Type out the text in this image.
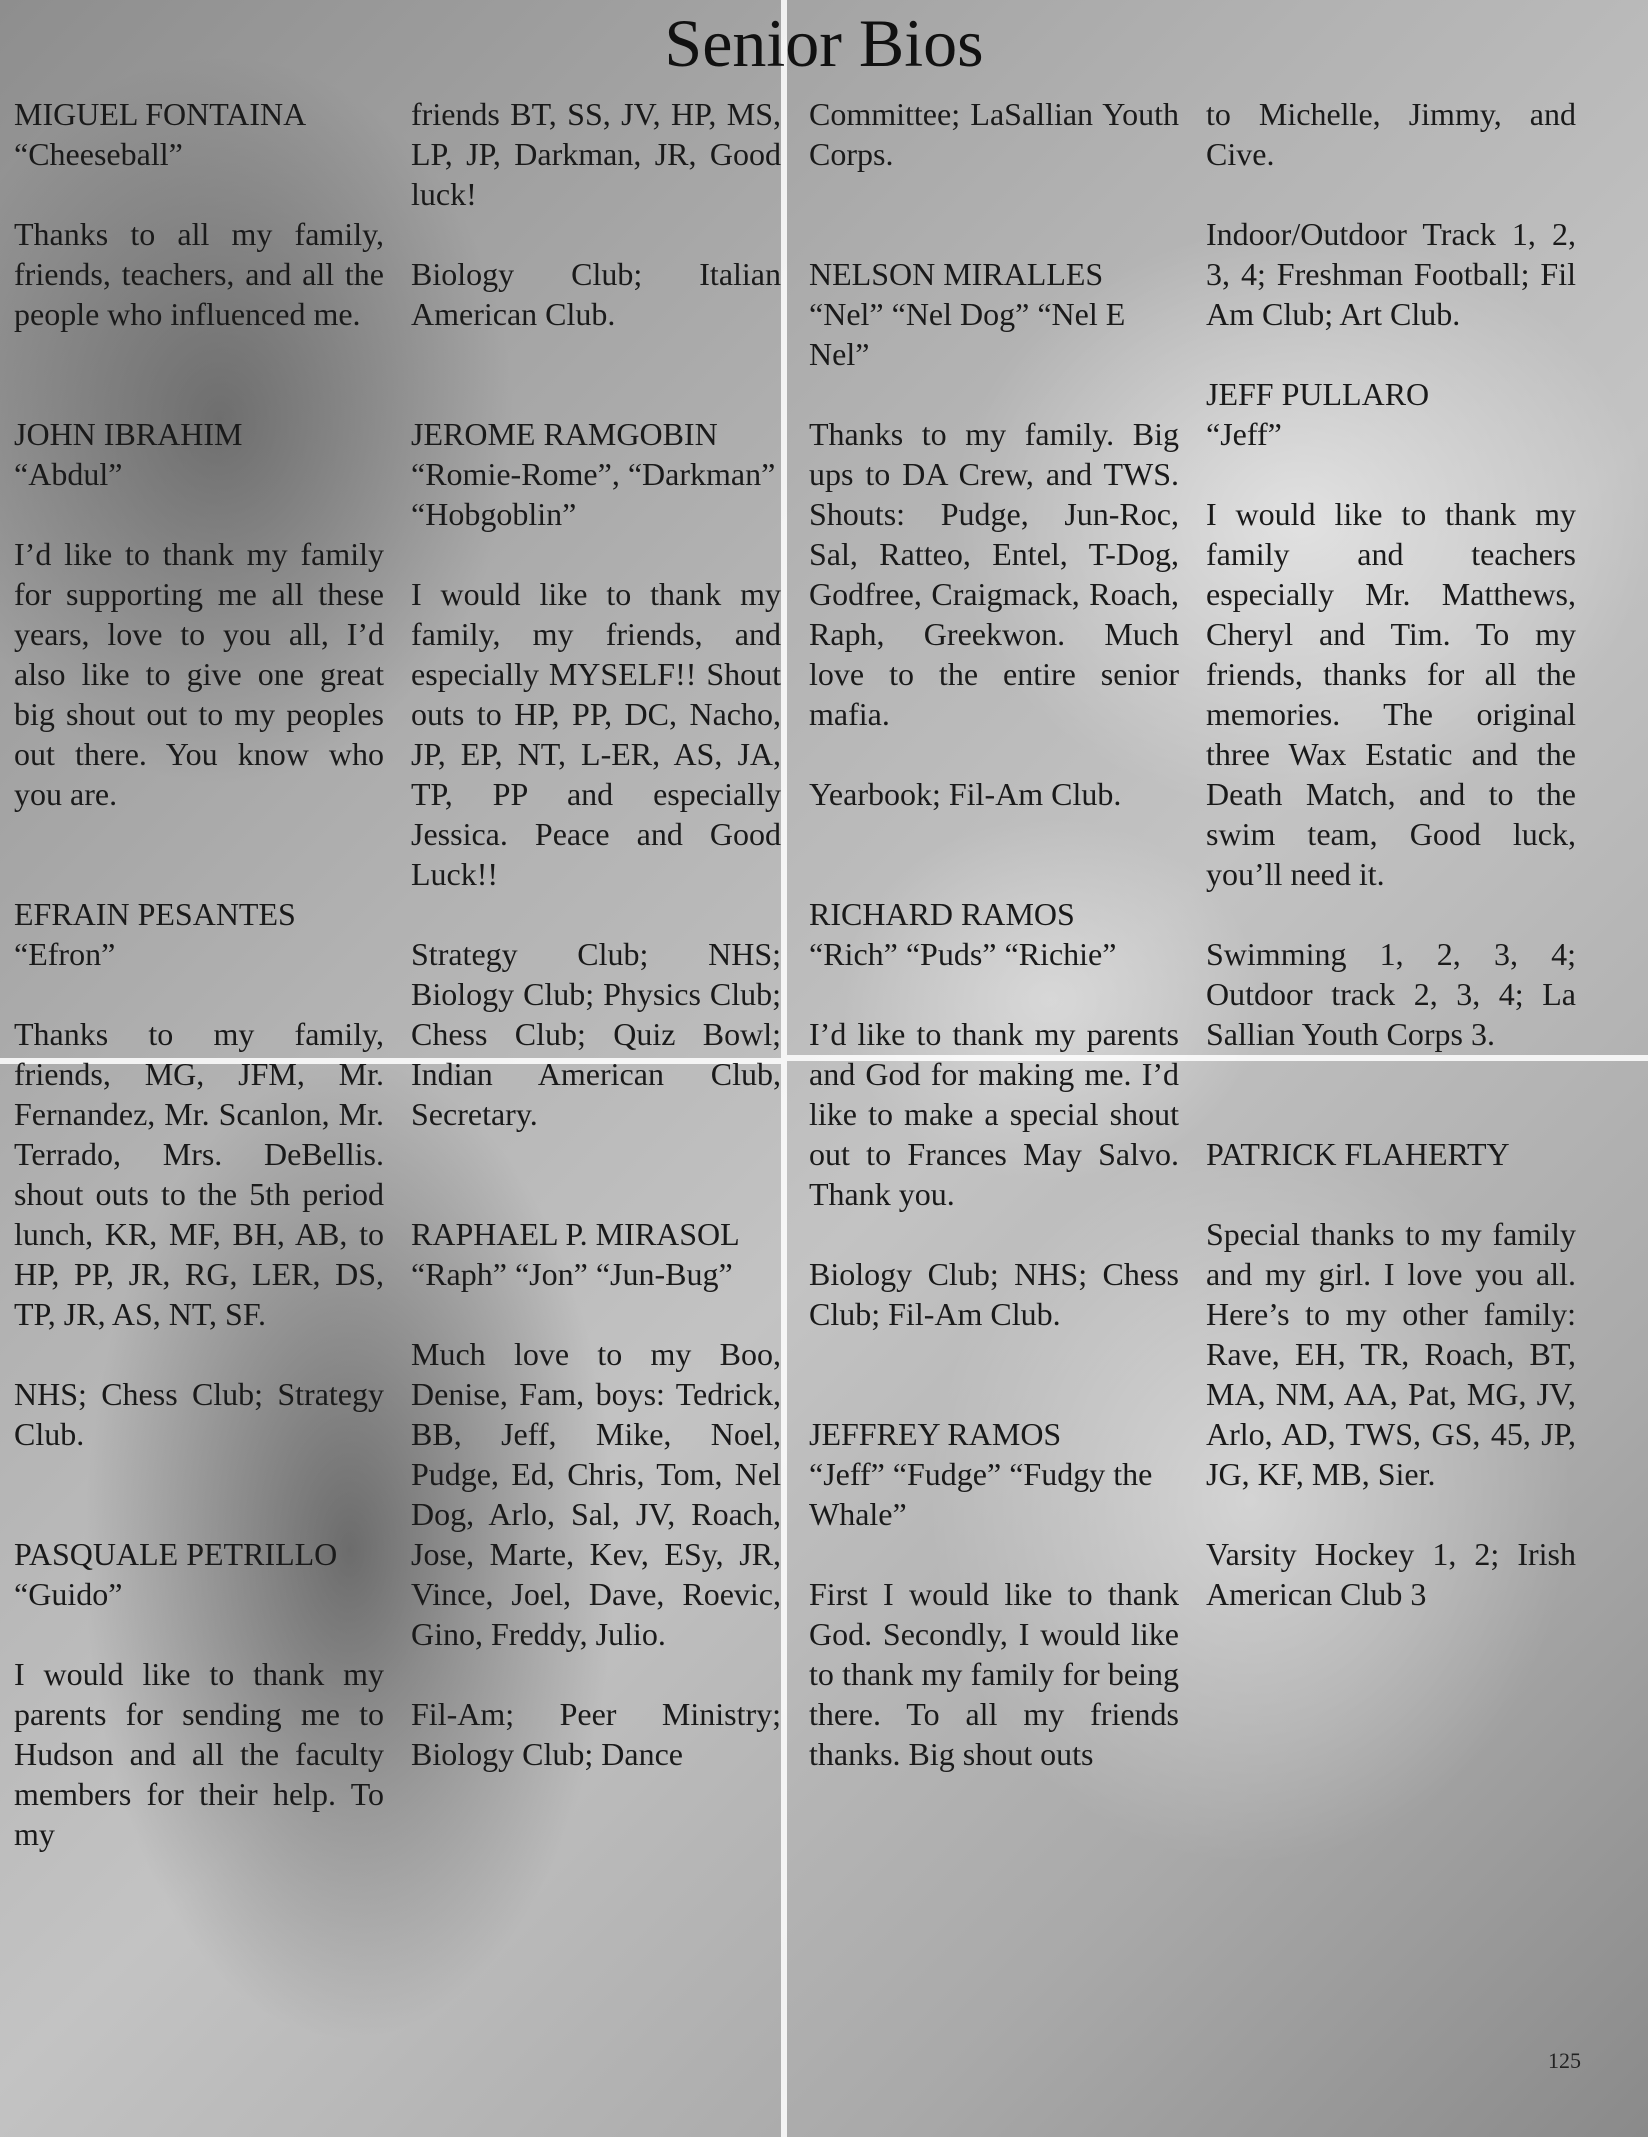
Senior Bios

MIGUEL FONTAINA

“Cheeseball”

Thanks to all my family, friends, teachers, and all the people who influenced me.

JOHN IBRAHIM

“Abdul”

I’d like to thank my family for supporting me all these years, love to you all, I’d also like to give one great big shout out to my peoples out there. You know who you are.

EFRAIN PESANTES

“Efron”

Thanks to my family, friends, MG, JFM, Mr. Fernandez, Mr. Scanlon, Mr. Terrado, Mrs. DeBellis. shout outs to the 5th period lunch, KR, MF, BH, AB, to HP, PP, JR, RG, LER, DS, TP, JR, AS, NT, SF.

NHS; Chess Club; Strategy Club.

PASQUALE PETRILLO

“Guido”

I would like to thank my parents for sending me to Hudson and all the faculty members for their help. To my

friends BT, SS, JV, HP, MS, LP, JP, Darkman, JR, Good luck!

Biology Club; Italian American Club.

JEROME RAMGOBIN

“Romie-Rome”, “Darkman” “Hobgoblin”

I would like to thank my family, my friends, and especially MYSELF!! Shout outs to HP, PP, DC, Nacho, JP, EP, NT, L-ER, AS, JA, TP, PP and especially Jessica. Peace and Good Luck!!

Strategy Club; NHS; Biology Club; Physics Club; Chess Club; Quiz Bowl; Indian American Club, Secretary.

RAPHAEL P. MIRASOL

“Raph” “Jon” “Jun-Bug”

Much love to my Boo, Denise, Fam, boys: Tedrick, BB, Jeff, Mike, Noel, Pudge, Ed, Chris, Tom, Nel Dog, Arlo, Sal, JV, Roach, Jose, Marte, Kev, ESy, JR, Vince, Joel, Dave, Roevic, Gino, Freddy, Julio.

Fil-Am; Peer Ministry; Biology Club; Dance

Committee; LaSallian Youth Corps.

NELSON MIRALLES

“Nel” “Nel Dog” “Nel E Nel”

Thanks to my family. Big ups to DA Crew, and TWS. Shouts: Pudge, Jun-Roc, Sal, Ratteo, Entel, T-Dog, Godfree, Craigmack, Roach, Raph, Greekwon. Much love to the entire senior mafia.

Yearbook; Fil-Am Club.

RICHARD RAMOS

“Rich” “Puds” “Richie”

I’d like to thank my parents and God for making me. I’d like to make a special shout out to Frances May Salvo. Thank you.

Biology Club; NHS; Chess Club; Fil-Am Club.

JEFFREY RAMOS

“Jeff” “Fudge” “Fudgy the Whale”

First I would like to thank God. Secondly, I would like to thank my family for being there. To all my friends thanks. Big shout outs

to Michelle, Jimmy, and Cive.

Indoor/Outdoor Track 1, 2, 3, 4; Freshman Football; Fil Am Club; Art Club.

JEFF PULLARO

“Jeff”

I would like to thank my family and teachers especially Mr. Matthews, Cheryl and Tim. To my friends, thanks for all the memories. The original three Wax Estatic and the Death Match, and to the swim team, Good luck, you’ll need it.

Swimming 1, 2, 3, 4; Outdoor track 2, 3, 4; La Sallian Youth Corps 3.

PATRICK FLAHERTY

Special thanks to my family and my girl. I love you all. Here’s to my other family: Rave, EH, TR, Roach, BT, MA, NM, AA, Pat, MG, JV, Arlo, AD, TWS, GS, 45, JP, JG, KF, MB, Sier.

Varsity Hockey 1, 2; Irish American Club 3

125
